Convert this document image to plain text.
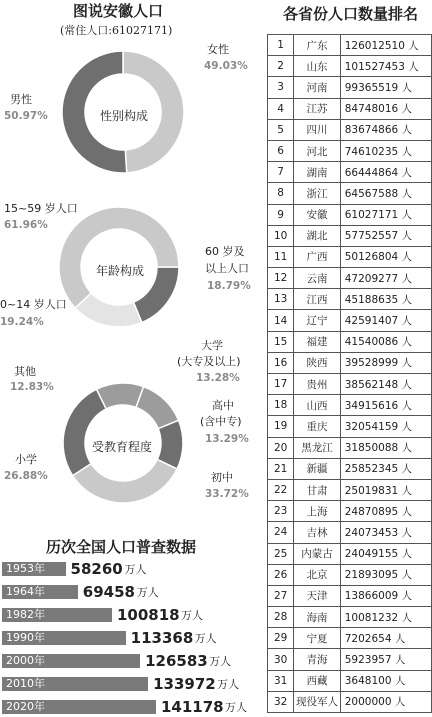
图说安徽人口
(常住人口:61027171)
各省份人口数量排名
性别构成
女性
49.03%
男性
50.97%
年龄构成
15~59 岁人口
61.96%
60 岁及
以上人口
18.79%
0~14 岁人口
19.24%
受教育程度
其他
12.83%
大学
(大专及以上)
13.28%
高中
(含中专)
13.29%
小学
26.88%	初中
33.72%
历次全国人口普查数据
1953年 58260 万人
1964年	69458 万人
1982年	100818 万人
1990年	113368 万人
2000年	126583 万人
2010年	133972 万人
2020年	141178 万人
1	广东	126012510 人
2	山东	101527453 人
3	河南	99365519 人
4	江苏	84748016 人
5	四川	83674866 人
6	河北	74610235 人
7	湖南	66444864 人
8	浙江	64567588 人
9	安徽	61027171 人
10	湖北	57752557 人
11	广西	50126804 人
12	云南	47209277 人
13	江西	45188635 人
14	辽宁	42591407 人
15	福建	41540086 人
16	陕西	39528999 人
17	贵州	38562148 人
18	山西	34915616 人
19	重庆	32054159 人
20	黑龙江	31850088 人
21	新疆	25852345 人
22	甘肃	25019831 人
23	上海	24870895 人
24	吉林	24073453 人
25	内蒙古	24049155 人
26	北京	21893095 人
27	天津	13866009 人
28	海南	10081232 人
29	宁夏	7202654 人
30	青海	5923957 人
31	西藏	3648100 人
32	现役军人	2000000 人
